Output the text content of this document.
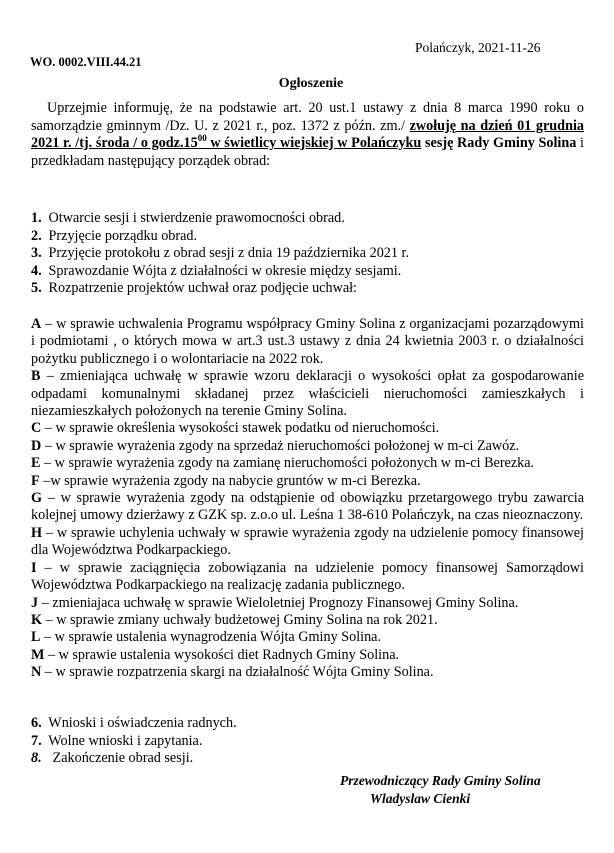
Polańczyk, 2021-11-26
WO. 0002.VIII.44.21
Ogłoszenie

Uprzejmie informuję, że na podstawie art. 20 ust.1 ustawy z dnia 8 marca 1990 roku o samorządzie gminnym /Dz. U. z 2021 r., poz. 1372 z późn. zm./ zwołuję na dzień 01 grudnia 2021 r. /tj. środa / o $godz.15^{00}$ w świetlicy wiejskiej w Polańczyku sesję Rady Gminy Solina i przedkładam następujący porządek obrad:

1. Otwarcie sesji i stwierdzenie prawomocności obrad.
2. Przyjęcie porządku obrad.
3. Przyjęcie protokołu z obrad sesji z dnia 19 października 2021 r.
4. Sprawozdanie Wójta z działalności w okresie między sesjami.
5. Rozpatrzenie projektów uchwał oraz podjęcie uchwał:
A – w sprawie uchwalenia Programu współpracy Gminy Solina z organizacjami pozarządowymi i podmiotami , o których mowa w art.3 ust.3 ustawy z dnia 24 kwietnia 2003 r. o działalności pożytku publicznego i o wolontariacie na 2022 rok.
B – zmieniająca uchwałę w sprawie wzoru deklaracji o wysokości opłat za gospodarowanie odpadami komunalnymi składanej przez właścicieli nieruchomości zamieszkałych i niezamieszkałych położonych na terenie Gminy Solina.
C – w sprawie określenia wysokości stawek podatku od nieruchomości.
D – w sprawie wyrażenia zgody na sprzedaż nieruchomości położonej w m-ci Zawóz.
E – w sprawie wyrażenia zgody na zamianę nieruchomości położonych w m-ci Berezka.
F –w sprawie wyrażenia zgody na nabycie gruntów w m-ci Berezka.
G – w sprawie wyrażenia zgody na odstąpienie od obowiązku przetargowego trybu zawarcia kolejnej umowy dzierżawy z GZK sp. z.o.o ul. Leśna 1 38-610 Polańczyk, na czas nieoznaczony.
H – w sprawie uchylenia uchwały w sprawie wyrażenia zgody na udzielenie pomocy finansowej dla Województwa Podkarpackiego.
I – w sprawie zaciągnięcia zobowiązania na udzielenie pomocy finansowej Samorządowi Województwa Podkarpackiego na realizację zadania publicznego.
J – zmieniajaca uchwałę w sprawie Wieloletniej Prognozy Finansowej Gminy Solina.
K – w sprawie zmiany uchwały budżetowej Gminy Solina na rok 2021.
L – w sprawie ustalenia wynagrodzenia Wójta Gminy Solina.
M – w sprawie ustalenia wysokości diet Radnych Gminy Solina.
N – w sprawie rozpatrzenia skargi na działalność Wójta Gminy Solina.
6. Wnioski i oświadczenia radnych.
7. Wolne wnioski i zapytania.
8. Zakończenie obrad sesji.
Przewodniczący Rady Gminy Solina
Wladyslaw Cienki
